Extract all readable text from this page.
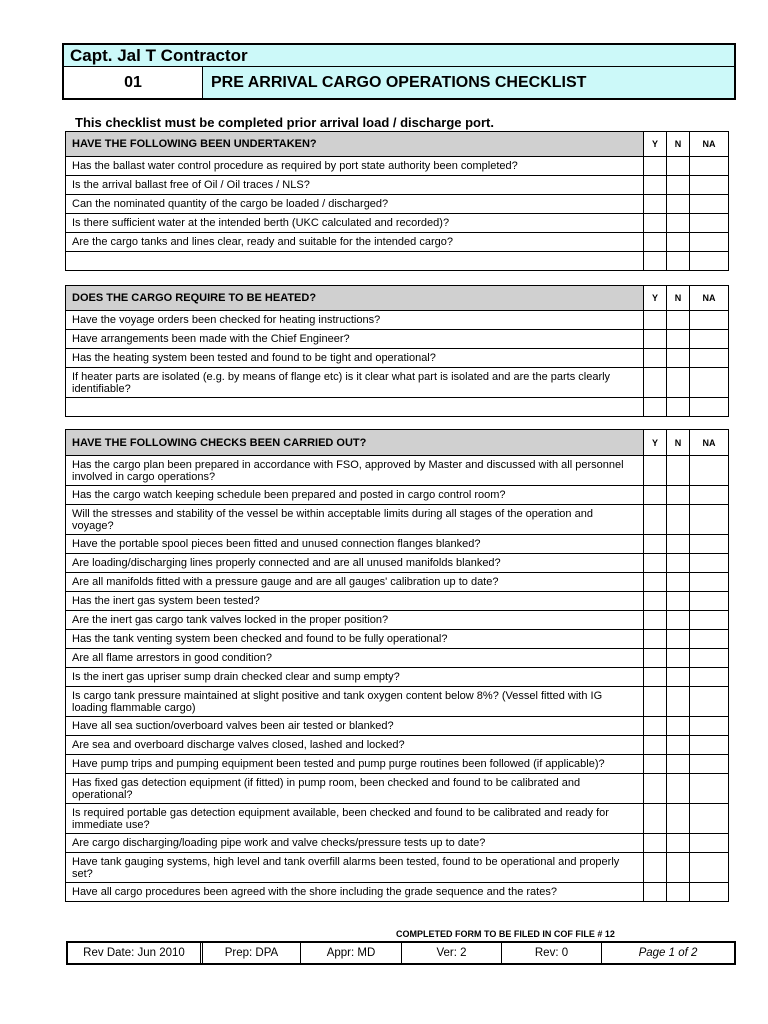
Capt. Jal T Contractor
01	PRE ARRIVAL CARGO OPERATIONS CHECKLIST
This checklist must be completed prior arrival load / discharge port.
HAVE THE FOLLOWING BEEN UNDERTAKEN?	Y	N	NA
Has the ballast water control procedure as required by port state authority been completed?			
Is the arrival ballast free of Oil / Oil traces / NLS?			
Can the nominated quantity of the cargo be loaded / discharged?			
Is there sufficient water at the intended berth (UKC calculated and recorded)?			
Are the cargo tanks and lines clear, ready and suitable for the intended cargo?			

DOES THE CARGO REQUIRE TO BE HEATED?	Y	N	NA
Have the voyage orders been checked for heating instructions?			
Have arrangements been made with the Chief Engineer?			
Has the heating system been tested and found to be tight and operational?			
If heater parts are isolated (e.g. by means of flange etc) is it clear what part is isolated and are the parts clearly identifiable?			

HAVE THE FOLLOWING CHECKS BEEN CARRIED OUT?	Y	N	NA
Has the cargo plan been prepared in accordance with FSO, approved by Master and discussed with all personnel involved in cargo operations?			
Has the cargo watch keeping schedule been prepared and posted in cargo control room?			
Will the stresses and stability of the vessel be within acceptable limits during all stages of the operation and voyage?			
Have the portable spool pieces been fitted and unused connection flanges blanked?			
Are loading/discharging lines properly connected and are all unused manifolds blanked?			
Are all manifolds fitted with a pressure gauge and are all gauges' calibration up to date?			
Has the inert gas system been tested?			
Are the inert gas cargo tank valves locked in the proper position?			
Has the tank venting system been checked and found to be fully operational?			
Are all flame arrestors in good condition?			
Is the inert gas upriser sump drain checked clear and sump empty?			
Is cargo tank pressure maintained at slight positive and tank oxygen content below 8%? (Vessel fitted with IG loading flammable cargo)			
Have all sea suction/overboard valves been air tested or blanked?			
Are sea and overboard discharge valves closed, lashed and locked?			
Have pump trips and pumping equipment been tested and pump purge routines been followed (if applicable)?			
Has fixed gas detection equipment (if fitted) in pump room, been checked and found to be calibrated and operational?			
Is required portable gas detection equipment available, been checked and found to be calibrated and ready for immediate use?			
Are cargo discharging/loading pipe work and valve checks/pressure tests up to date?			
Have tank gauging systems, high level and tank overfill alarms been tested, found to be operational and properly set?			
Have all cargo procedures been agreed with the shore including the grade sequence and the rates?			
COMPLETED FORM TO BE FILED IN COF FILE # 12
Rev Date: Jun 2010	Prep: DPA	Appr: MD	Ver: 2	Rev: 0	Page 1 of 2
